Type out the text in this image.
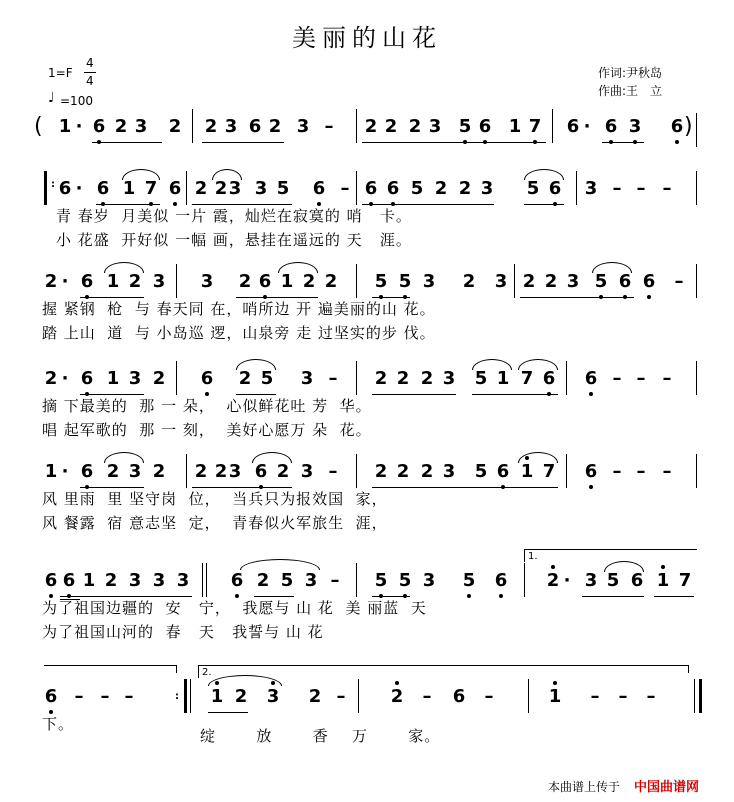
美丽的山花
1=F
4
4
♩ =100
作词:尹秋岛
作曲:王　立
( 1 · 6 2 3 2 2 3 6 2 3 – 2 2 2 3 5 6 1 7 6 · 6 3 6 )
: 6 · 6 1 7 6 2 2 3 3 5 6 – 6 6 5 2 2 3 5 6 3 – – –
青 春岁  月美似 一片 霞，灿烂在寂寞的 哨   卡。
小 花盛  开好似 一幅 画，悬挂在遥远的 天   涯。
2 · 6 1 2 3 3 2 6 1 2 2 5 5 3 2 3 2 2 3 5 6 6 –
握 紧钢  枪  与 春天同 在，哨所边 开 遍美丽的山 花。
踏 上山  道  与 小岛巡 逻，山泉旁 走 过坚实的步 伐。
2 · 6 1 3 2 6 2 5 3 – 2 2 2 3 5 1 7 6 6 – – –
摘 下最美的  那 一 朵，  心似鲜花吐 芳  华。
唱 起军歌的  那 一 刻，  美好心愿万 朵  花。
1 · 6 2 3 2 2 2 3 6 2 3 – 2 2 2 3 5 6 1 7 6 – – –
风 里雨  里 坚守岗  位，  当兵只为报效国  家，
风 餐露  宿 意志坚  定，  青春似火军旅生  涯，
1.
6 6 1 2 3 3 3 6 2 5 3 – 5 5 3 5 6 2 · 3 5 6 1 7
为了祖国边疆的  安   宁，  我愿与 山 花  美 丽蓝  天
为了祖国山河的  春   天   我誓与 山 花
2.
6 – – –	: 1 2 3 2 –	2 – 6 –	1 – – –
下。
绽       放       香    万       家。
本曲谱上传于 中国曲谱网
